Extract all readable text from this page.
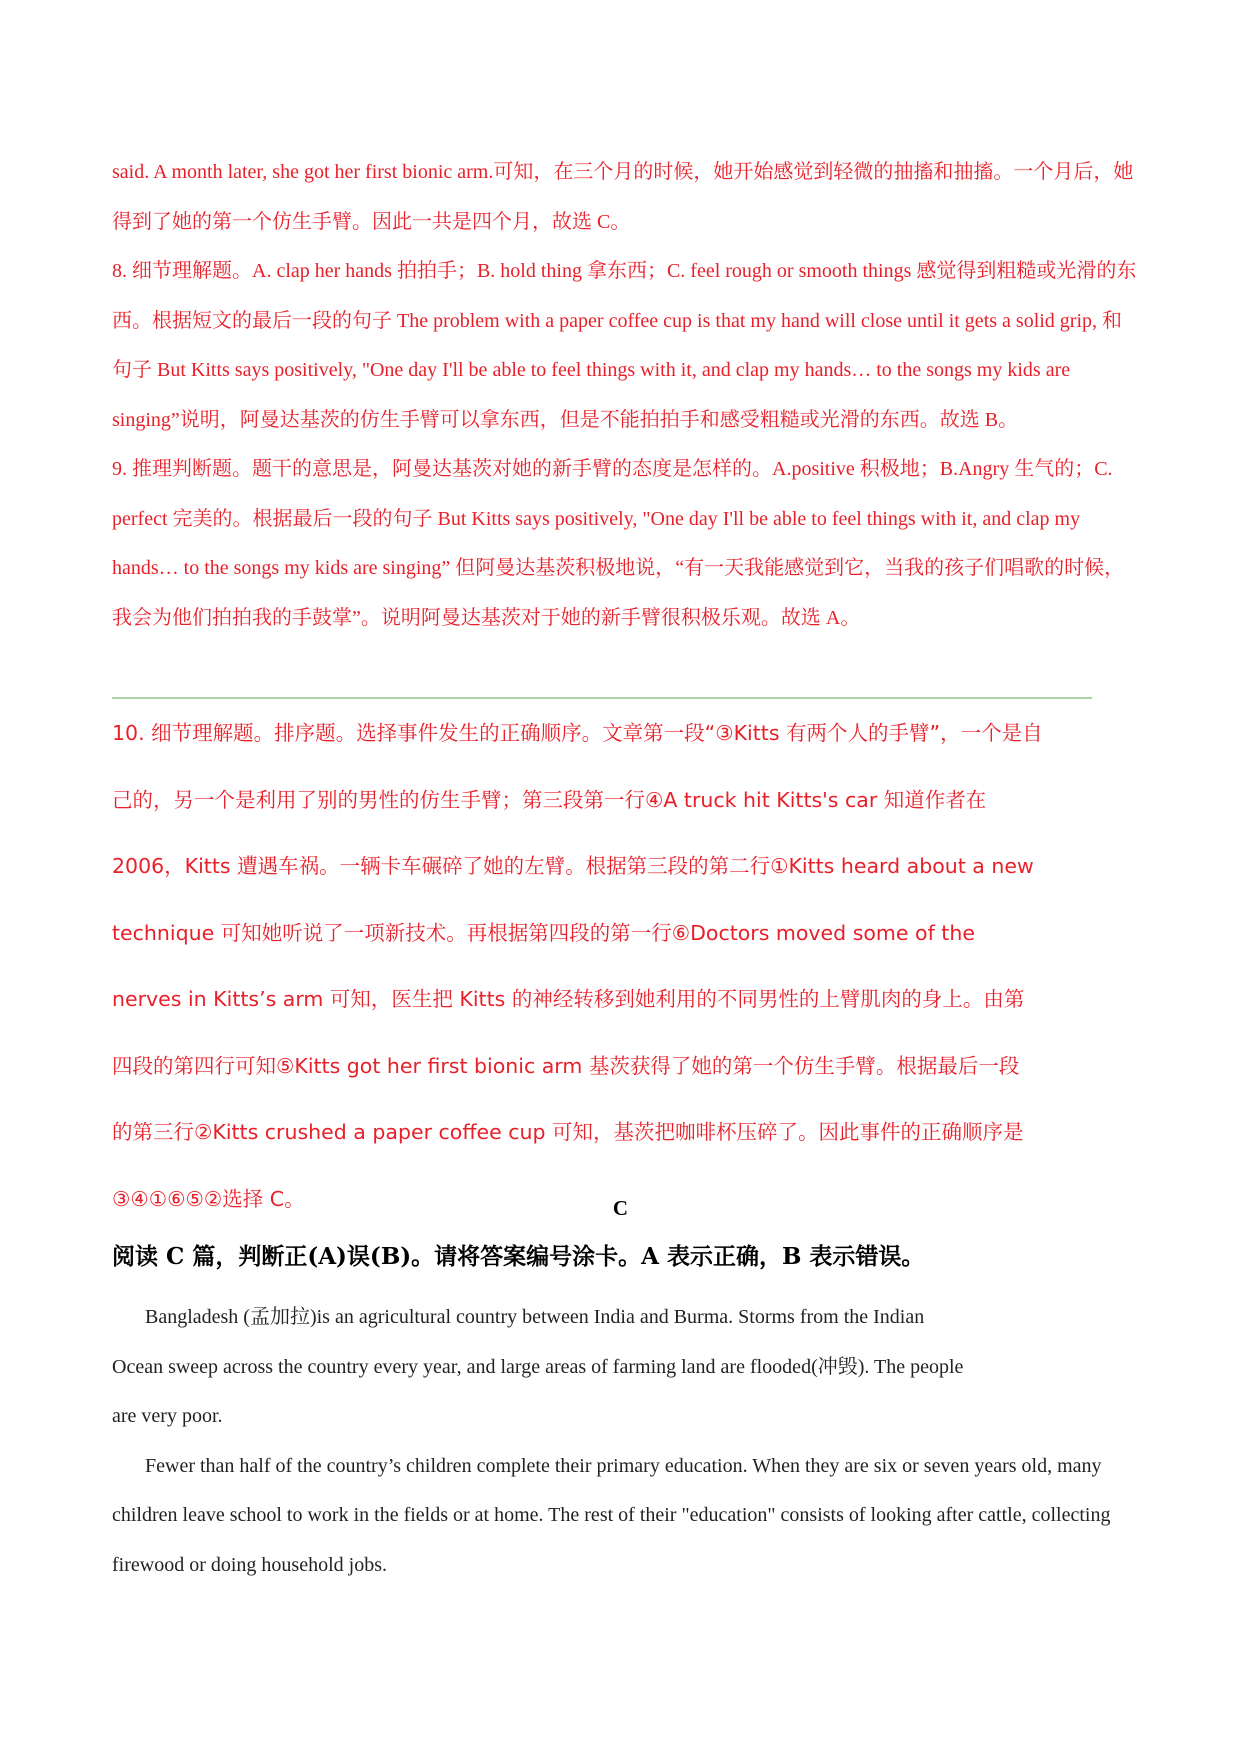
said. A month later, she got her first bionic arm.可知，在三个月的时候，她开始感觉到轻微的抽搐和抽搐。一个月后，她得到了她的第一个仿生手臂。因此一共是四个月，故选 C。

8. 细节理解题。A. clap her hands 拍拍手；B. hold thing 拿东西；C. feel rough or smooth things 感觉得到粗糙或光滑的东西。根据短文的最后一段的句子 The problem with a paper coffee cup is that my hand will close until it gets a solid grip, 和句子 But Kitts says positively, "One day I'll be able to feel things with it, and clap my hands… to the songs my kids are singing”说明，阿曼达基茨的仿生手臂可以拿东西，但是不能拍拍手和感受粗糙或光滑的东西。故选 B。

9. 推理判断题。题干的意思是，阿曼达基茨对她的新手臂的态度是怎样的。A.positive 积极地；B.Angry 生气的；C. perfect 完美的。根据最后一段的句子 But Kitts says positively, "One day I'll be able to feel things with it, and clap my hands… to the songs my kids are singing” 但阿曼达基茨积极地说，“有一天我能感觉到它，当我的孩子们唱歌的时候，我会为他们拍拍我的手鼓掌”。说明阿曼达基茨对于她的新手臂很积极乐观。故选 A。

10. 细节理解题。排序题。选择事件发生的正确顺序。文章第一段“③Kitts 有两个人的手臂”，一个是自

己的，另一个是利用了别的男性的仿生手臂；第三段第一行④A truck hit Kitts's car 知道作者在

2006，Kitts 遭遇车祸。一辆卡车碾碎了她的左臂。根据第三段的第二行①Kitts heard about a new

technique 可知她听说了一项新技术。再根据第四段的第一行⑥Doctors moved some of the

nerves in Kitts’s arm 可知，医生把 Kitts 的神经转移到她利用的不同男性的上臂肌肉的身上。由第

四段的第四行可知⑤Kitts got her first bionic arm 基茨获得了她的第一个仿生手臂。根据最后一段

的第三行②Kitts crushed a paper coffee cup 可知，基茨把咖啡杯压碎了。因此事件的正确顺序是

③④①⑥⑤②选择 C。	C
阅读 C 篇，判断正(A)误(B)。请将答案编号涂卡。A 表示正确，B 表示错误。

Bangladesh (孟加拉)is an agricultural country between India and Burma. Storms from the Indian Ocean sweep across the country every year, and large areas of farming land are flooded(冲毁). The people are very poor.

Fewer than half of the country’s children complete their primary education. When they are six or seven years old, many children leave school to work in the fields or at home. The rest of their "education" consists of looking after cattle, collecting firewood or doing household jobs.
